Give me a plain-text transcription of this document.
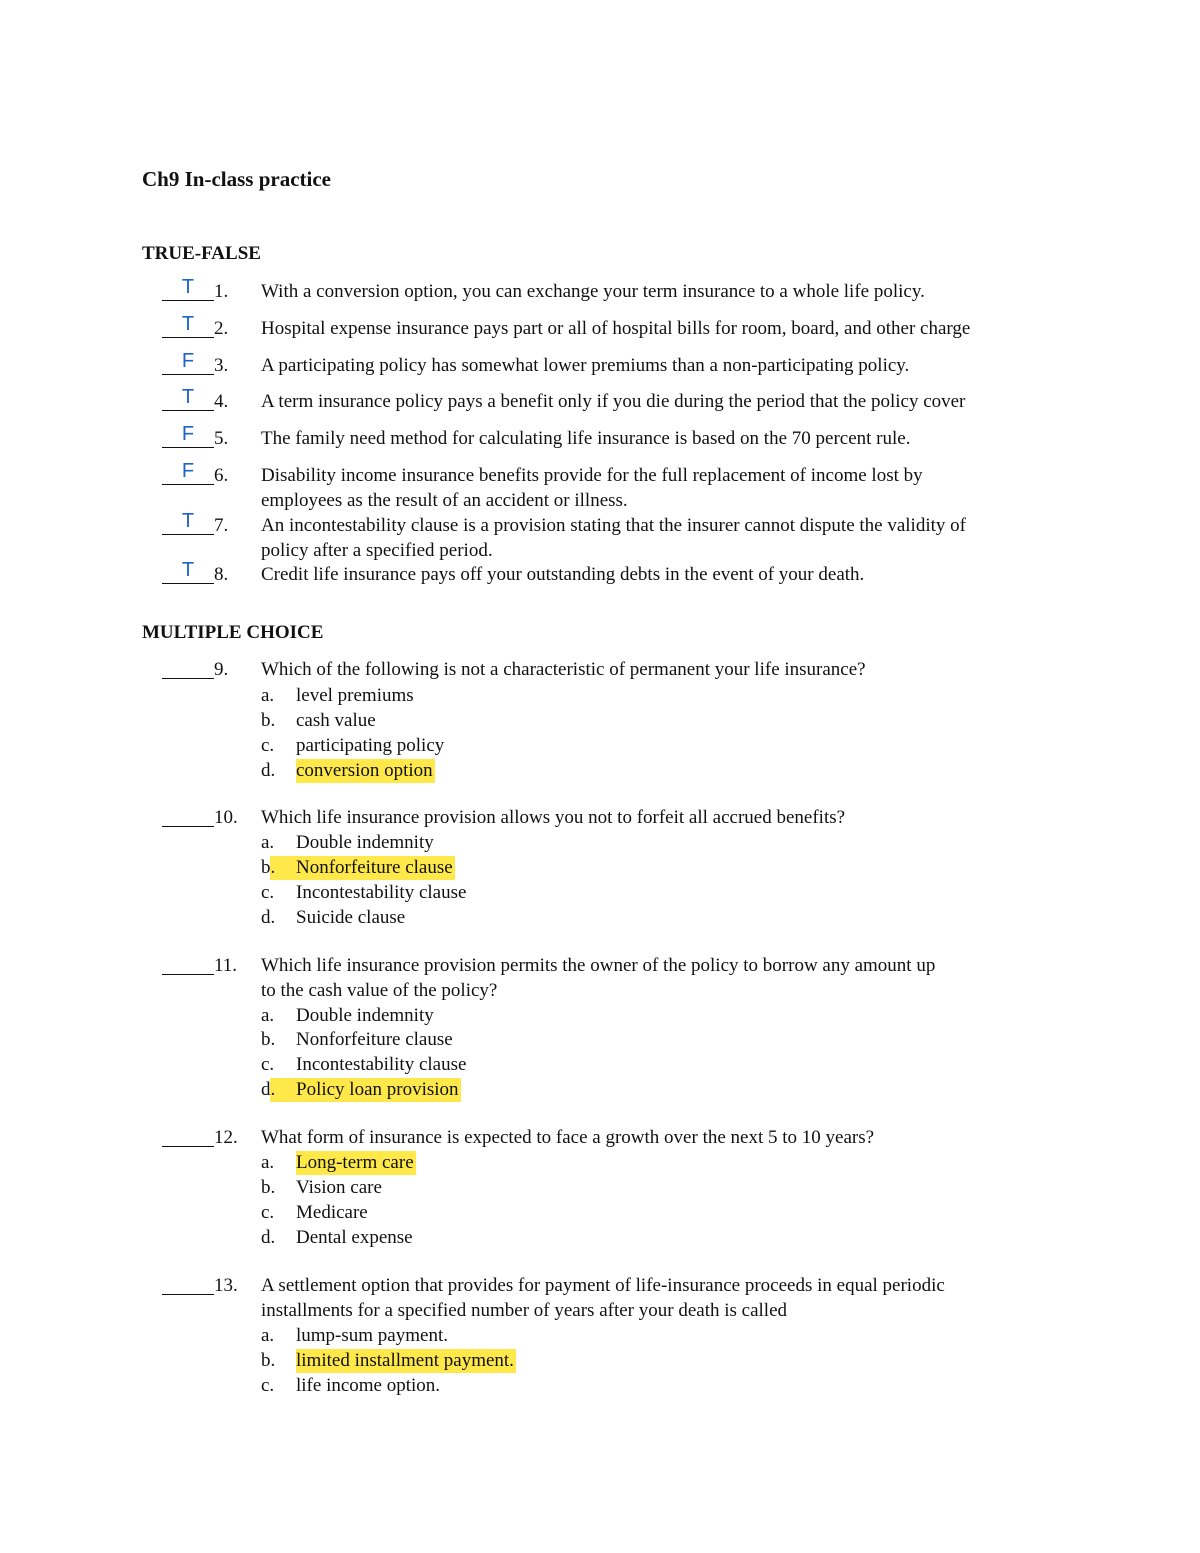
Ch9 In-class practice
TRUE-FALSE
T	1. With a conversion option, you can exchange your term insurance to a whole life policy.
T	2. Hospital expense insurance pays part or all of hospital bills for room, board, and other charge
F	3. A participating policy has somewhat lower premiums than a non-participating policy.
T	4. A term insurance policy pays a benefit only if you die during the period that the policy cover
F	5. The family need method for calculating life insurance is based on the 70 percent rule.
F	6. Disability income insurance benefits provide for the full replacement of income lost by
employees as the result of an accident or illness.
T	7. An incontestability clause is a provision stating that the insurer cannot dispute the validity of
policy after a specified period.
T	8. Credit life insurance pays off your outstanding debts in the event of your death.
MULTIPLE CHOICE
9. Which of the following is not a characteristic of permanent your life insurance?
a. level premiums
b. cash value
c. participating policy
d. conversion option
10. Which life insurance provision allows you not to forfeit all accrued benefits?
a. Double indemnity
b. Nonforfeiture clause
c. Incontestability clause
d. Suicide clause
11. Which life insurance provision permits the owner of the policy to borrow any amount up
to the cash value of the policy?
a. Double indemnity
b. Nonforfeiture clause
c. Incontestability clause
d. Policy loan provision
12. What form of insurance is expected to face a growth over the next 5 to 10 years?
a. Long-term care
b. Vision care
c. Medicare
d. Dental expense
13. A settlement option that provides for payment of life-insurance proceeds in equal periodic
installments for a specified number of years after your death is called
a. lump-sum payment.
b. limited installment payment.
c. life income option.
